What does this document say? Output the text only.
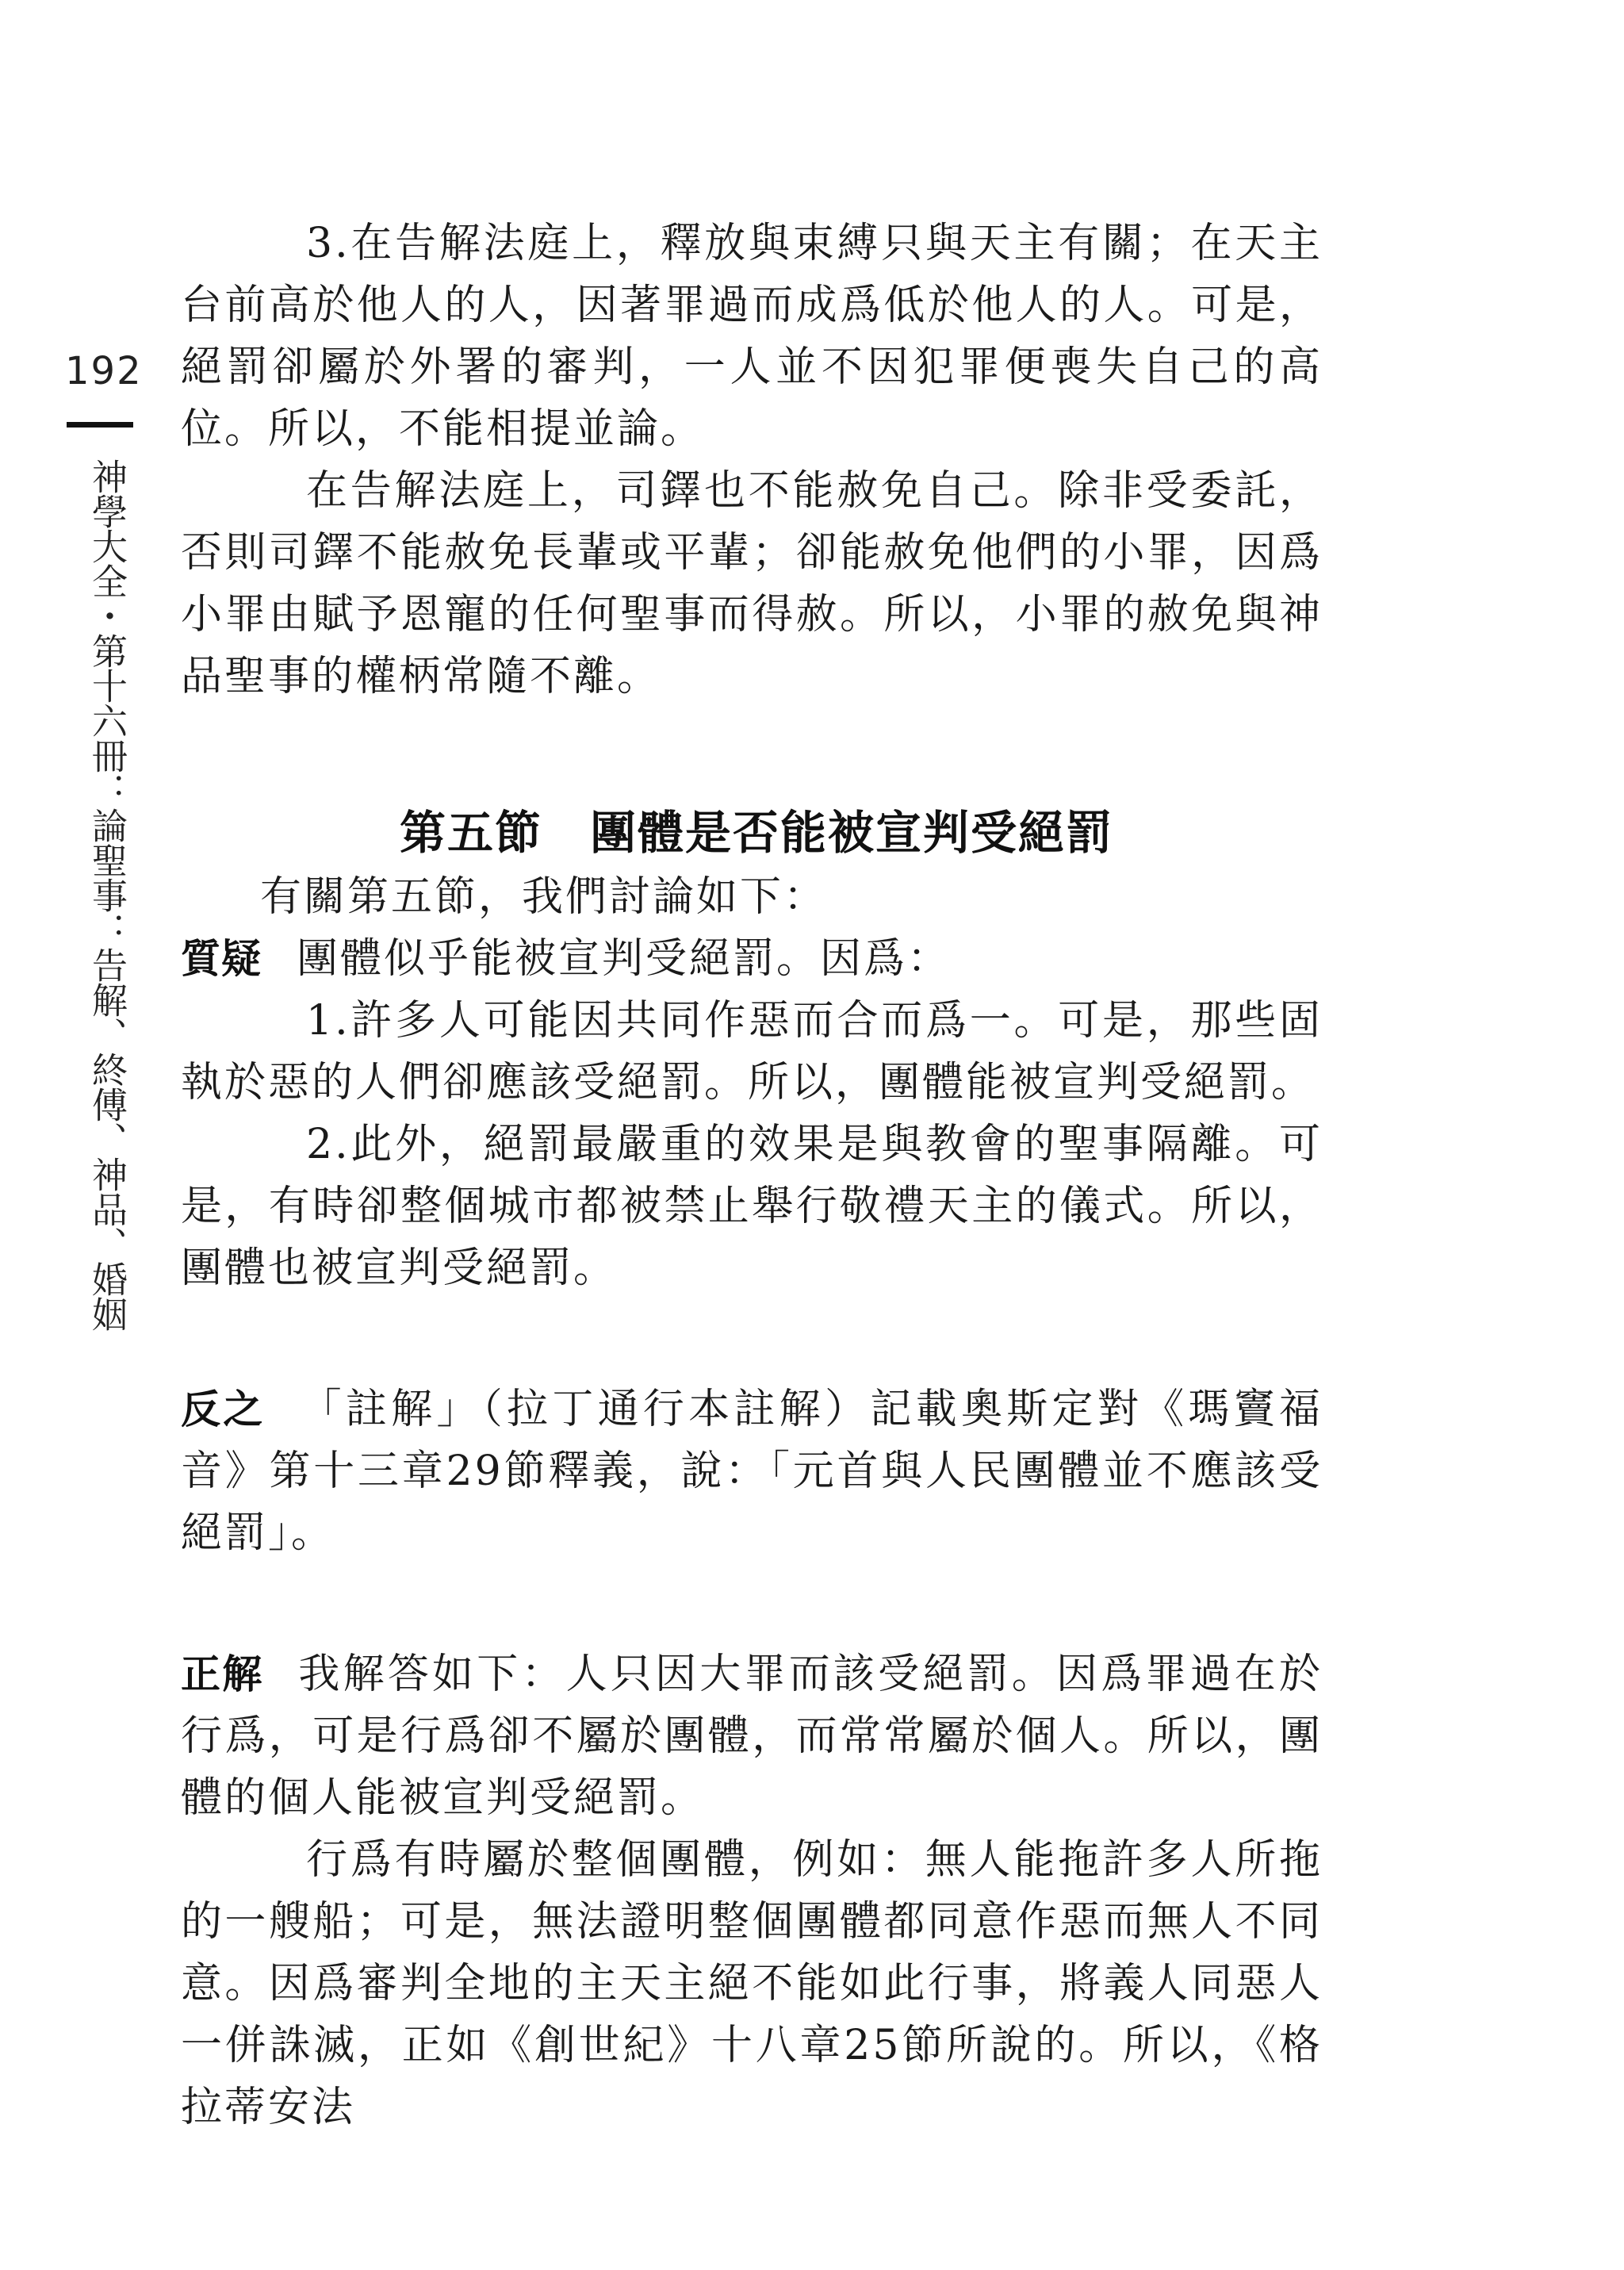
192
神學大全・第十六冊：論聖事：告解、終傅、神品、婚姻

3.在告解法庭上，釋放與束縛只與天主有關；在天主台前高於他人的人，因著罪過而成爲低於他人的人。可是，絕罰卻屬於外署的審判，一人並不因犯罪便喪失自己的高位。所以，不能相提並論。

在告解法庭上，司鐸也不能赦免自己。除非受委託，否則司鐸不能赦免長輩或平輩；卻能赦免他們的小罪，因爲小罪由賦予恩寵的任何聖事而得赦。所以，小罪的赦免與神品聖事的權柄常隨不離。

第五節　團體是否能被宣判受絕罰

有關第五節，我們討論如下：

質疑 團體似乎能被宣判受絕罰。因爲：

1.許多人可能因共同作惡而合而爲一。可是，那些固執於惡的人們卻應該受絕罰。所以，團體能被宣判受絕罰。

2.此外，絕罰最嚴重的效果是與教會的聖事隔離。可是，有時卻整個城市都被禁止舉行敬禮天主的儀式。所以，團體也被宣判受絕罰。

反之 「註解」（拉丁通行本註解）記載奧斯定對《瑪竇福音》第十三章29節釋義，說：「元首與人民團體並不應該受絕罰」。

正解 我解答如下：人只因大罪而該受絕罰。因爲罪過在於行爲，可是行爲卻不屬於團體，而常常屬於個人。所以，團體的個人能被宣判受絕罰。

行爲有時屬於整個團體，例如：無人能拖許多人所拖的一艘船；可是，無法證明整個團體都同意作惡而無人不同意。因爲審判全地的主天主絕不能如此行事，將義人同惡人一併誅滅，正如《創世紀》十八章25節所說的。所以，《格拉蒂安法
